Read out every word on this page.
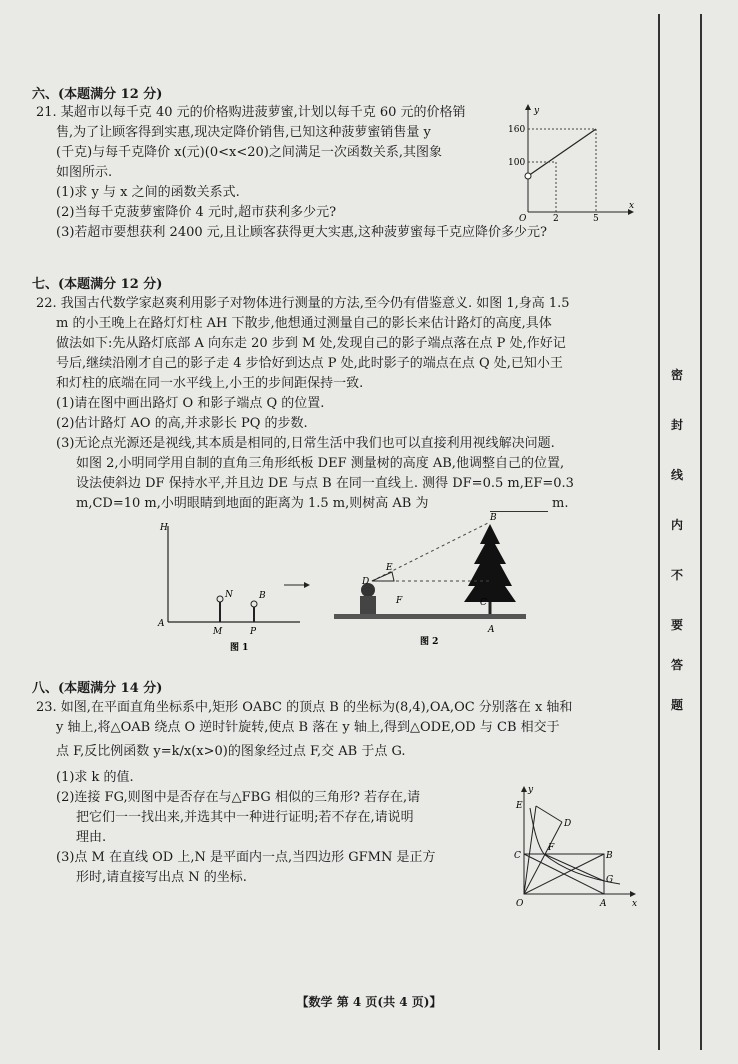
六、(本题满分 12 分)
21. 某超市以每千克 40 元的价格购进菠萝蜜,计划以每千克 60 元的价格销
售,为了让顾客得到实惠,现决定降价销售,已知这种菠萝蜜销售量 y
(千克)与每千克降价 x(元)(0<x<20)之间满足一次函数关系,其图象
如图所示.
(1)求 y 与 x 之间的函数关系式.
(2)当每千克菠萝蜜降价 4 元时,超市获利多少元?
(3)若超市要想获利 2400 元,且让顾客获得更大实惠,这种菠萝蜜每千克应降价多少元?
y
x
O
160
100
2	5
七、(本题满分 12 分)
22. 我国古代数学家赵爽利用影子对物体进行测量的方法,至今仍有借鉴意义. 如图 1,身高 1.5
m 的小王晚上在路灯灯柱 AH 下散步,他想通过测量自己的影长来估计路灯的高度,具体
做法如下:先从路灯底部 A 向东走 20 步到 M 处,发现自己的影子端点落在点 P 处,作好记
号后,继续沿刚才自己的影子走 4 步恰好到达点 P 处,此时影子的端点在点 Q 处,已知小王
和灯柱的底端在同一水平线上,小王的步间距保持一致.
(1)请在图中画出路灯 O 和影子端点 Q 的位置.
(2)估计路灯 AO 的高,并求影长 PQ 的步数.
(3)无论点光源还是视线,其本质是相同的,日常生活中我们也可以直接利用视线解决问题.
如图 2,小明同学用自制的直角三角形纸板 DEF 测量树的高度 AB,他调整自己的位置,
设法使斜边 DF 保持水平,并且边 DE 与点 B 在同一直线上. 测得 DF=0.5 m,EF=0.3
m,CD=10 m,小明眼睛到地面的距离为 1.5 m,则树高 AB 为	m.
H
A
M
N
P
B
图 1
B
D
E
F	C
A
图 2
八、(本题满分 14 分)
23. 如图,在平面直角坐标系中,矩形 OABC 的顶点 B 的坐标为(8,4),OA,OC 分别落在 x 轴和
y 轴上,将△OAB 绕点 O 逆时针旋转,使点 B 落在 y 轴上,得到△ODE,OD 与 CB 相交于
点 F,反比例函数 y=k/x(x>0)的图象经过点 F,交 AB 于点 G.
(1)求 k 的值.
(2)连接 FG,则图中是否存在与△FBG 相似的三角形? 若存在,请
把它们一一找出来,并选其中一种进行证明;若不存在,请说明
理由.
(3)点 M 在直线 OD 上,N 是平面内一点,当四边形 GFMN 是正方
形时,请直接写出点 N 的坐标.
y
E
D
C
F
B
G
O	A	x
密
封
线
内
不
要
答
题
【数学 第 4 页(共 4 页)】
